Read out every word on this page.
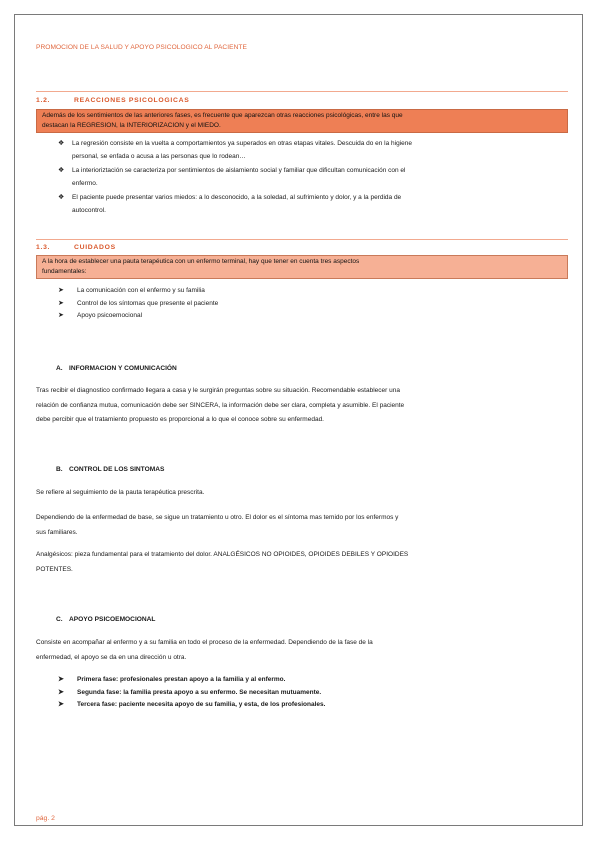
PROMOCION DE LA SALUD Y APOYO PSICOLOGICO AL PACIENTE
1.2.	REACCIONES PSICOLOGICAS
Además de los sentimientos de las anteriores fases, es frecuente que aparezcan otras reacciones psicológicas, entre las que
destacan la REGRESION, la INTERIORIZACION y el MIEDO.
❖ La regresión consiste en la vuelta a comportamientos ya superados en otras etapas vitales. Descuida do en la higiene
personal, se enfada o acusa a las personas que lo rodean…
❖ La interioriztación se caracteriza por sentimientos de aislamiento social y familiar que dificultan comunicación con el
enfermo.
❖ El paciente puede presentar varios miedos: a lo desconocido, a la soledad, al sufrimiento y dolor, y a la perdida de
autocontrol.
1.3.	CUIDADOS
A la hora de establecer una pauta terapéutica con un enfermo terminal, hay que tener en cuenta tres aspectos
fundamentales:
➤ La comunicación con el enfermo y su familia
➤ Control de los síntomas que presente el paciente
➤ Apoyo psicoemocional
A. INFORMACION Y COMUNICACIÓN
Tras recibir el diagnostico confirmado llegara a casa y le surgirán preguntas sobre su situación. Recomendable establecer una
relación de confianza mutua, comunicación debe ser SINCERA, la información debe ser clara, completa y asumible. El paciente
debe percibir que el tratamiento propuesto es proporcional a lo que el conoce sobre su enfermedad.
B. CONTROL DE LOS SINTOMAS
Se refiere al seguimiento de la pauta terapéutica prescrita.
Dependiendo de la enfermedad de base, se sigue un tratamiento u otro. El dolor es el síntoma mas temido por los enfermos y
sus familiares.
Analgésicos: pieza fundamental para el tratamiento del dolor. ANALGÉSICOS NO OPIOIDES, OPIOIDES DEBILES Y OPIOIDES
POTENTES.
C. APOYO PSICOEMOCIONAL
Consiste en acompañar al enfermo y a su familia en todo el proceso de la enfermedad. Dependiendo de la fase de la
enfermedad, el apoyo se da en una dirección u otra.
➤ Primera fase: profesionales prestan apoyo a la familia y al enfermo.
➤ Segunda fase: la familia presta apoyo a su enfermo. Se necesitan mutuamente.
➤ Tercera fase: paciente necesita apoyo de su familia, y esta, de los profesionales.
pág. 2
